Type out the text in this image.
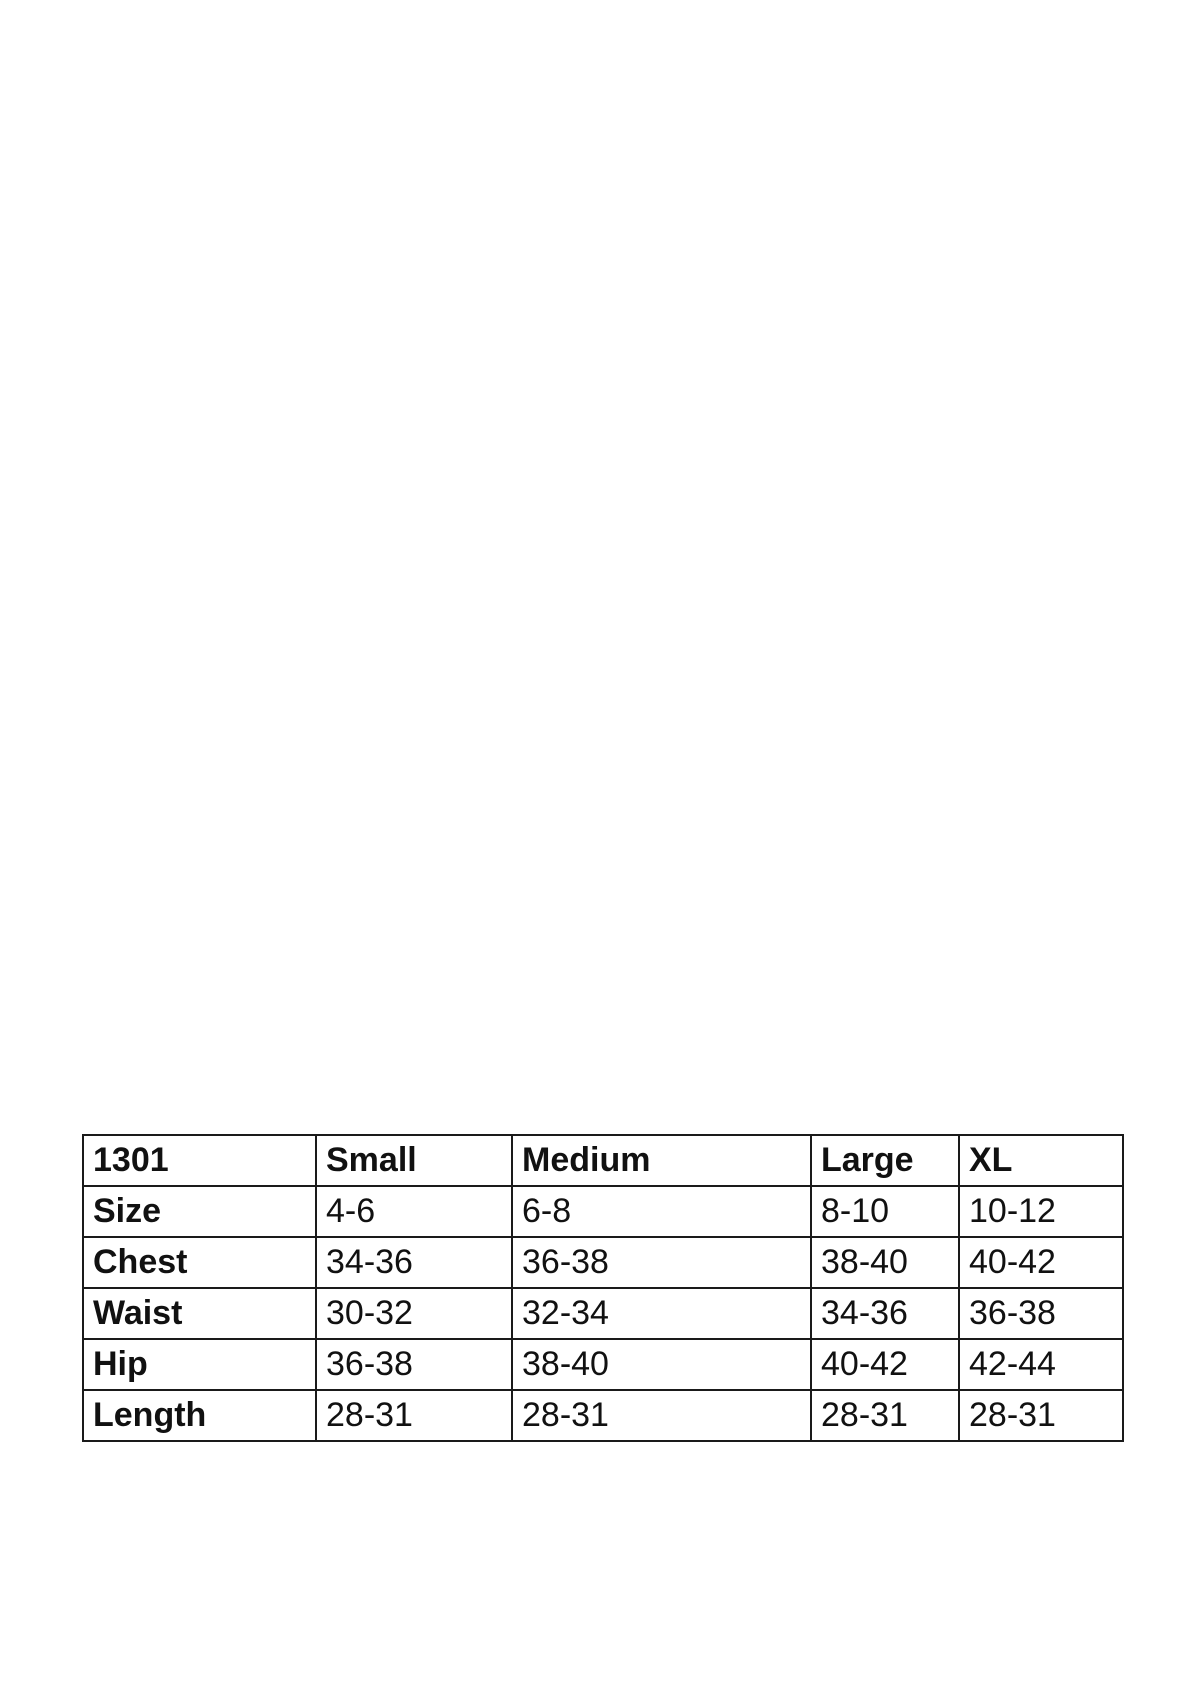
1301	Small	Medium	Large	XL
Size	4-6	6-8	8-10	10-12
Chest	34-36	36-38	38-40	40-42
Waist	30-32	32-34	34-36	36-38
Hip	36-38	38-40	40-42	42-44
Length	28-31	28-31	28-31	28-31
